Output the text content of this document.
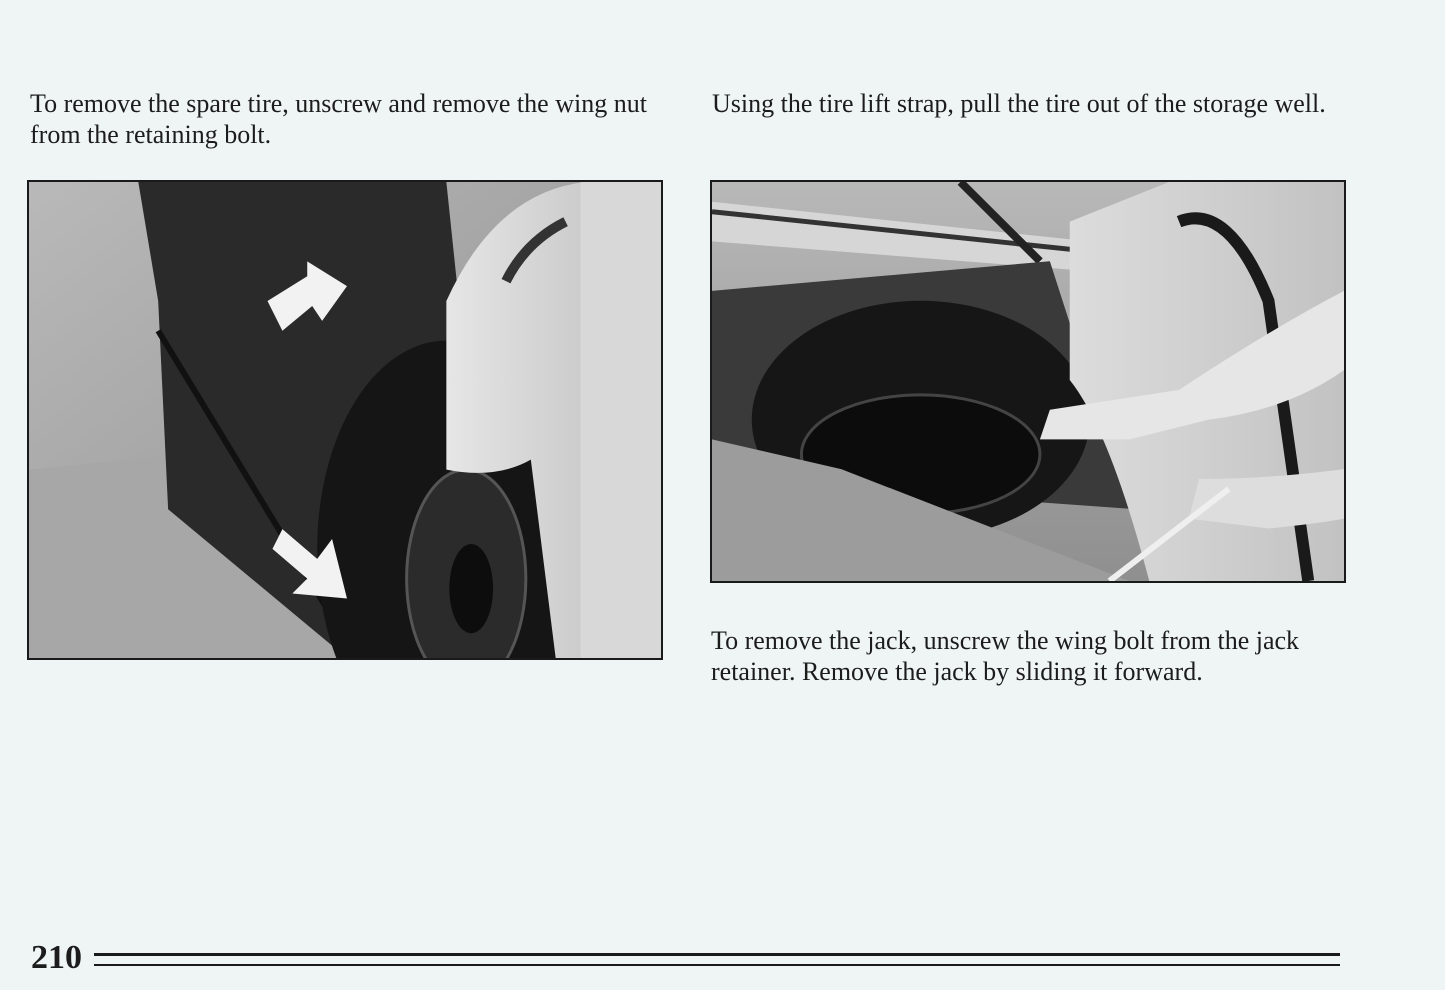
To remove the spare tire, unscrew and remove the wing nut from the retaining bolt.

Using the tire lift strap, pull the tire out of the storage well.

To remove the jack, unscrew the wing bolt from the jack retainer. Remove the jack by sliding it forward.

210
